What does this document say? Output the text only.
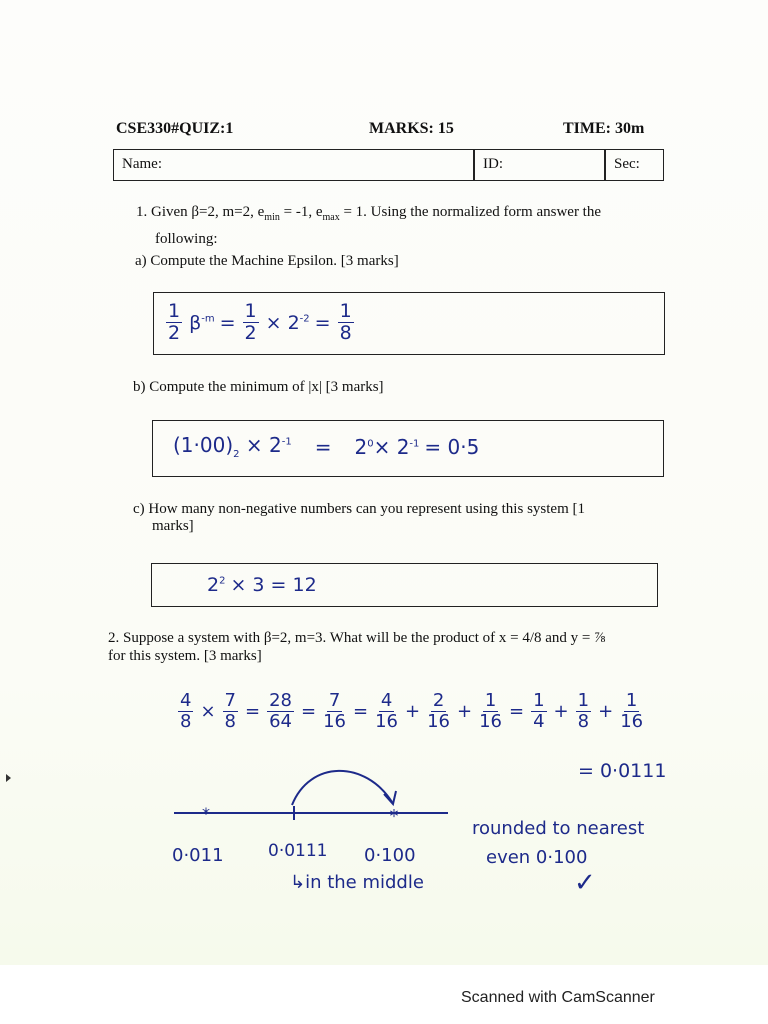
CSE330#QUIZ:1	MARKS: 15	TIME: 30m
Name:	ID:	Sec:
1. Given β=2, m=2, $e_{min} = -1$, $e_{max} = 1$. Using the normalized form answer the
following:
a) Compute the Machine Epsilon. [3 marks]
$\frac{1}{2} \beta^{-m} = \frac{1}{2} \times 2^{-2} = \frac{1}{8}$
b) Compute the minimum of |x| [3 marks]
$(1\cdot 00)_2 \times 2^{-1} = 2^0\times 2^{-1} = 0\cdot 5$
c) How many non-negative numbers can you represent using this system [1
marks]
$2^2 \times 3 = 12$
2. Suppose a system with β=2, m=3. What will be the product of x = 4/8 and y = ⅞
for this system. [3 marks]
$\frac{4}{8} \times \frac{7}{8} = \frac{28}{64} = \frac{7}{16} = \frac{4}{16} + \frac{2}{16} + \frac{1}{16} = \frac{1}{4} + \frac{1}{8} + \frac{1}{16}$
= 0·0111
*	*
0·011	0·0111 0·100
↳in the middle
rounded to nearest
even 0·100
✓
Scanned with CamScanner
